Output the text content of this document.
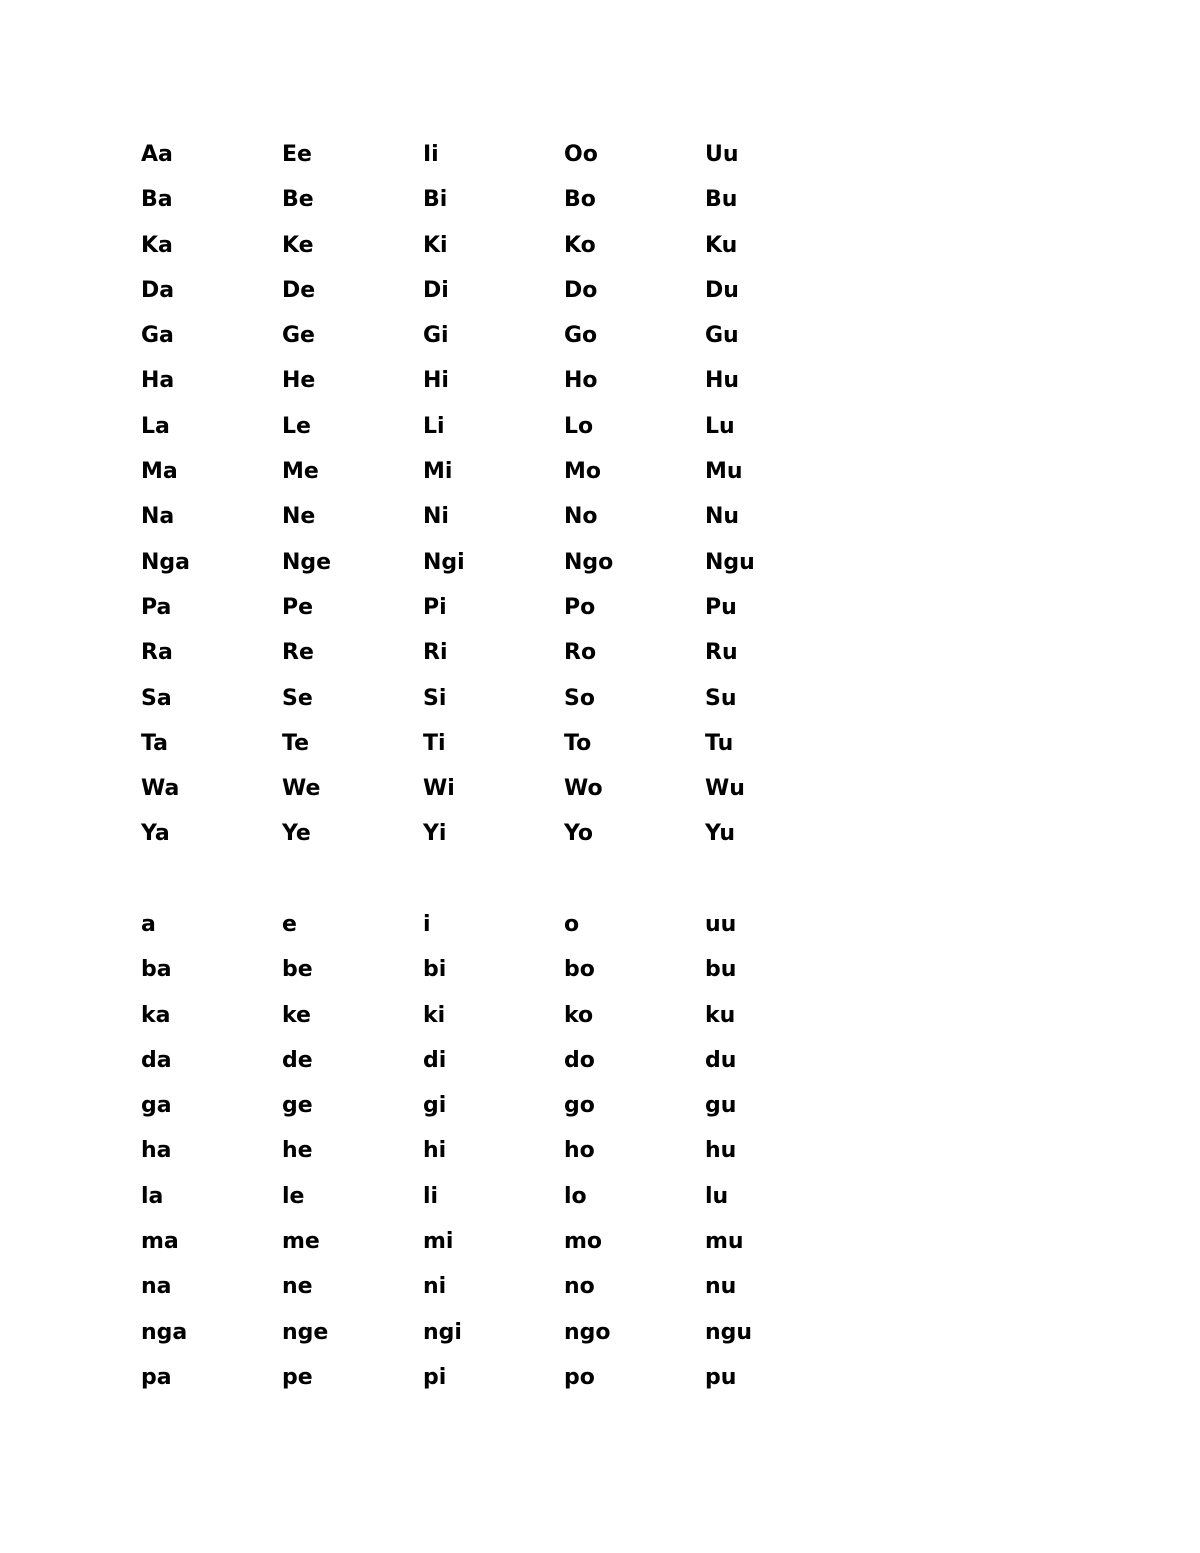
Aa	Ee	Ii	Oo	Uu
Ba	Be	Bi	Bo	Bu
Ka	Ke	Ki	Ko	Ku
Da	De	Di	Do	Du
Ga	Ge	Gi	Go	Gu
Ha	He	Hi	Ho	Hu
La	Le	Li	Lo	Lu
Ma	Me	Mi	Mo	Mu
Na	Ne	Ni	No	Nu
Nga	Nge	Ngi	Ngo	Ngu
Pa	Pe	Pi	Po	Pu
Ra	Re	Ri	Ro	Ru
Sa	Se	Si	So	Su
Ta	Te	Ti	To	Tu
Wa	We	Wi	Wo	Wu
Ya	Ye	Yi	Yo	Yu
a	e	i	o	uu
ba	be	bi	bo	bu
ka	ke	ki	ko	ku
da	de	di	do	du
ga	ge	gi	go	gu
ha	he	hi	ho	hu
la	le	li	lo	lu
ma	me	mi	mo	mu
na	ne	ni	no	nu
nga	nge	ngi	ngo	ngu
pa	pe	pi	po	pu
